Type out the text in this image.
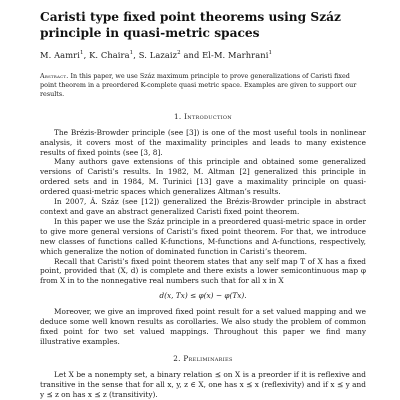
Caristi type fixed point theorems using Száz principle in quasi-metric spaces
M. Aamri$^1$, K. Chaira$^1$, S. Lazaiz$^2$ and El-M. Marhrani$^1$
Abstract. In this paper, we use Száz maximum principle to prove generalizations of Caristi fixed point theorem in a preordered K-complete quasi metric space. Examples are given to support our results.
1. Introduction

The Brézis-Browder principle (see [3]) is one of the most useful tools in nonlinear analysis, it covers most of the maximality principles and leads to many existence results of fixed points (see [3, 8].

Many authors gave extensions of this principle and obtained some generalized versions of Caristi’s results. In 1982, M. Altman [2] generalized this principle in ordered sets and in 1984, M. Turinici [13] gave a maximality principle on quasi-ordered quasi-metric spaces which generalizes Altman’s results.

In 2007, Á. Száz (see [12]) generalized the Brézis-Browder principle in abstract context and gave an abstract generalized Caristi fixed point theorem.

In this paper we use the Száz principle in a preordered quasi-metric space in order to give more general versions of Caristi’s fixed point theorem. For that, we introduce new classes of functions called K-functions, M-functions and A-functions, respectively, which generalize the notion of dominated function in Caristi’s theorem.

Recall that Caristi’s fixed point theorem states that any self map T of X has a fixed point, provided that (X, d) is complete and there exists a lower semicontinuous map φ from X in to the nonnegative real numbers such that for all x in X

d(x, Tx) ≤ φ(x) − φ(Tx).

Moreover, we give an improved fixed point result for a set valued mapping and we deduce some well known results as corollaries. We also study the problem of common fixed point for two set valued mappings. Throughout this paper we find many illustrative examples.

2. Preliminaries

Let X be a nonempty set, a binary relation ⪯ on X is a preorder if it is reflexive and transitive in the sense that for all x, y, z ∈ X, one has x ⪯ x (reflexivity) and if x ⪯ y and y ⪯ z on has x ⪯ z (transitivity).
